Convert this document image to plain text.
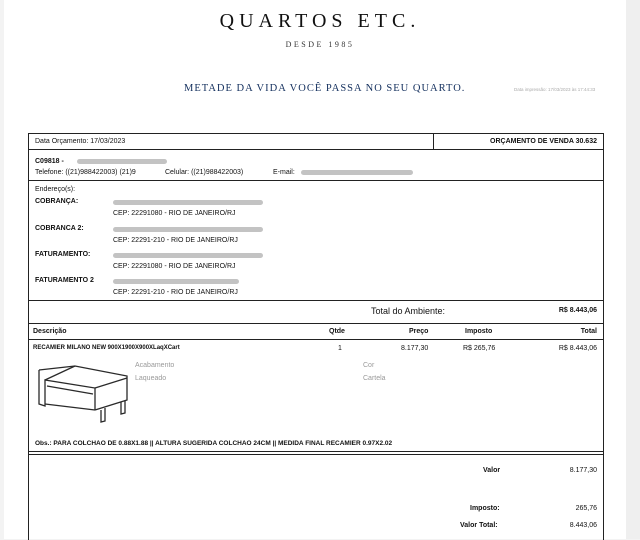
QUARTOS ETC.
DESDE 1985
METADE DA VIDA VOCÊ PASSA NO SEU QUARTO.	Data impressão: 17/03/2023 às 17:44:33
Data Orçamento: 17/03/2023	ORÇAMENTO DE VENDA 30.632
C09818 -
Telefone: ((21)988422003) (21)9	Celular: ((21)988422003)	E-mail:
Endereço(s):
COBRANÇA:
CEP: 22291080 - RIO DE JANEIRO/RJ
COBRANCA 2:
CEP: 22291-210 - RIO DE JANEIRO/RJ
FATURAMENTO:
CEP: 22291080 - RIO DE JANEIRO/RJ
FATURAMENTO 2
CEP: 22291-210 - RIO DE JANEIRO/RJ
Total do Ambiente:	R$ 8.443,06
Descrição	Qtde	Preço	Imposto	Total
RECAMIER MILANO NEW 900X1900X900XLaqXCart	1	8.177,30	R$ 265,76	R$ 8.443,06
Acabamento
Laqueado
Cor
Cartela
Obs.: PARA COLCHAO DE 0.88X1.88 || ALTURA SUGERIDA COLCHAO 24CM || MEDIDA FINAL RECAMIER 0.97X2.02
Valor	8.177,30
Imposto:	265,76
Valor Total:	8.443,06
